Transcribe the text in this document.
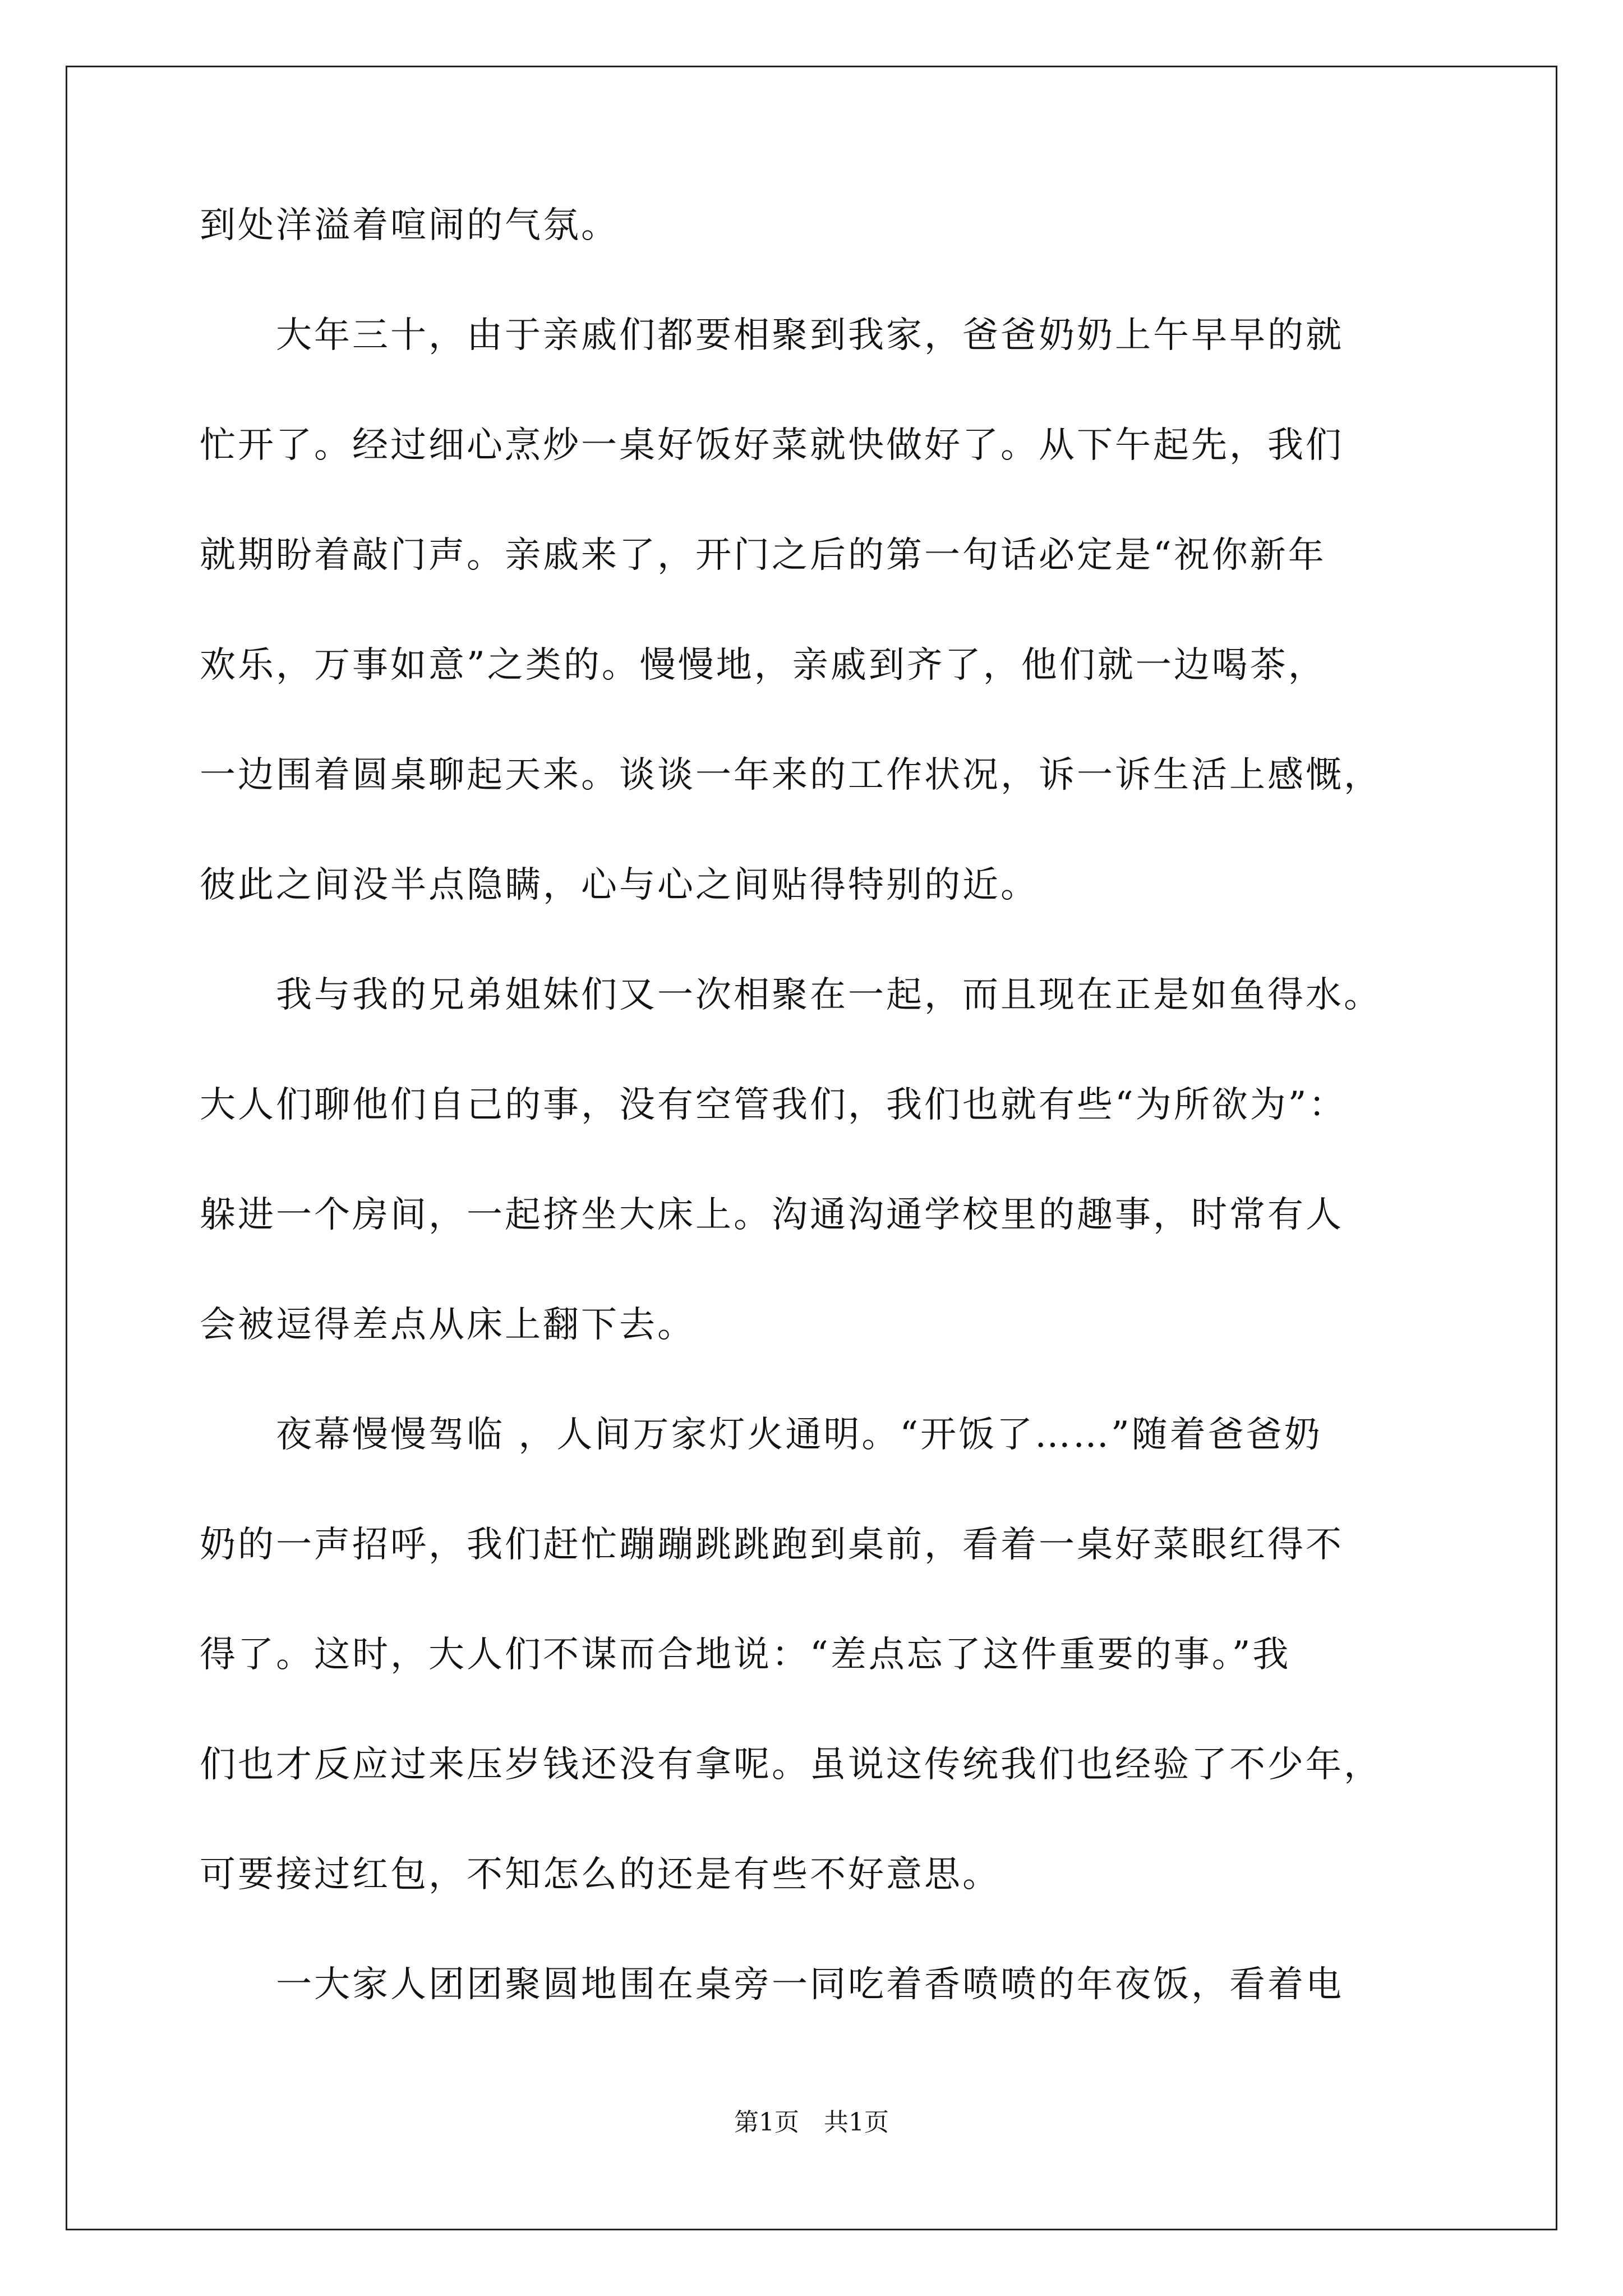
到处洋溢着喧闹的气氛。
　　大年三十，由于亲戚们都要相聚到我家，爸爸奶奶上午早早的就
忙开了。经过细心烹炒一桌好饭好菜就快做好了。从下午起先，我们
就期盼着敲门声。亲戚来了，开门之后的第一句话必定是“祝你新年
欢乐，万事如意”之类的。慢慢地，亲戚到齐了，他们就一边喝茶，
一边围着圆桌聊起天来。谈谈一年来的工作状况，诉一诉生活上感慨，
彼此之间没半点隐瞒，心与心之间贴得特别的近。
　　我与我的兄弟姐妹们又一次相聚在一起，而且现在正是如鱼得水。
大人们聊他们自己的事，没有空管我们，我们也就有些“为所欲为”：
躲进一个房间，一起挤坐大床上。沟通沟通学校里的趣事，时常有人
会被逗得差点从床上翻下去。
　　夜幕慢慢驾临 ，人间万家灯火通明。“开饭了……”随着爸爸奶
奶的一声招呼，我们赶忙蹦蹦跳跳跑到桌前，看着一桌好菜眼红得不
得了。这时，大人们不谋而合地说：“差点忘了这件重要的事。”我
们也才反应过来压岁钱还没有拿呢。虽说这传统我们也经验了不少年，
可要接过红包，不知怎么的还是有些不好意思。
　　一大家人团团聚圆地围在桌旁一同吃着香喷喷的年夜饭，看着电
第1页　共1页
